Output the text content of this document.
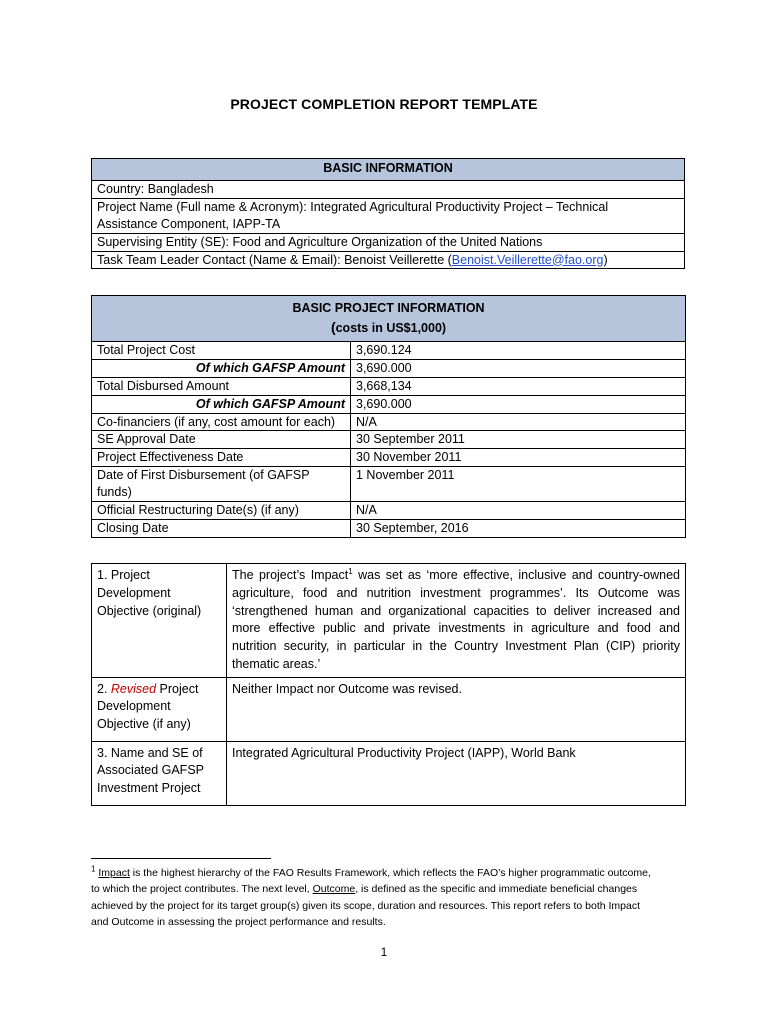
PROJECT COMPLETION REPORT TEMPLATE
BASIC INFORMATION
Country: Bangladesh
Project Name (Full name & Acronym): Integrated Agricultural Productivity Project – Technical
Assistance Component, IAPP-TA
Supervising Entity (SE): Food and Agriculture Organization of the United Nations
Task Team Leader Contact (Name & Email): Benoist Veillerette (Benoist.Veillerette@fao.org)
BASIC PROJECT INFORMATION
(costs in US$1,000)	
Total Project Cost	3,690.124
Of which GAFSP Amount	3,690.000
Total Disbursed Amount	3,668,134
Of which GAFSP Amount	3,690.000
Co-financiers (if any, cost amount for each)	N/A
SE Approval Date	30 September 2011
Project Effectiveness Date	30 November 2011
Date of First Disbursement (of GAFSP funds)	1 November 2011
Official Restructuring Date(s) (if any)	N/A
Closing Date	30 September, 2016
1. Project Development Objective (original)	The project’s Impact$^1$ was set as ‘more effective, inclusive and country-owned agriculture, food and nutrition investment programmes’. Its Outcome was ‘strengthened human and organizational capacities to deliver increased and more effective public and private investments in agriculture and food and nutrition security, in particular in the Country Investment Plan (CIP) priority thematic areas.’
2. Revised Project Development Objective (if any)	Neither Impact nor Outcome was revised.
3. Name and SE of Associated GAFSP Investment Project	Integrated Agricultural Productivity Project (IAPP), World Bank
$^1$ Impact is the highest hierarchy of the FAO Results Framework, which reflects the FAO’s higher programmatic outcome, to which the project contributes. The next level, Outcome, is defined as the specific and immediate beneficial changes achieved by the project for its target group(s) given its scope, duration and resources. This report refers to both Impact and Outcome in assessing the project performance and results.
1
